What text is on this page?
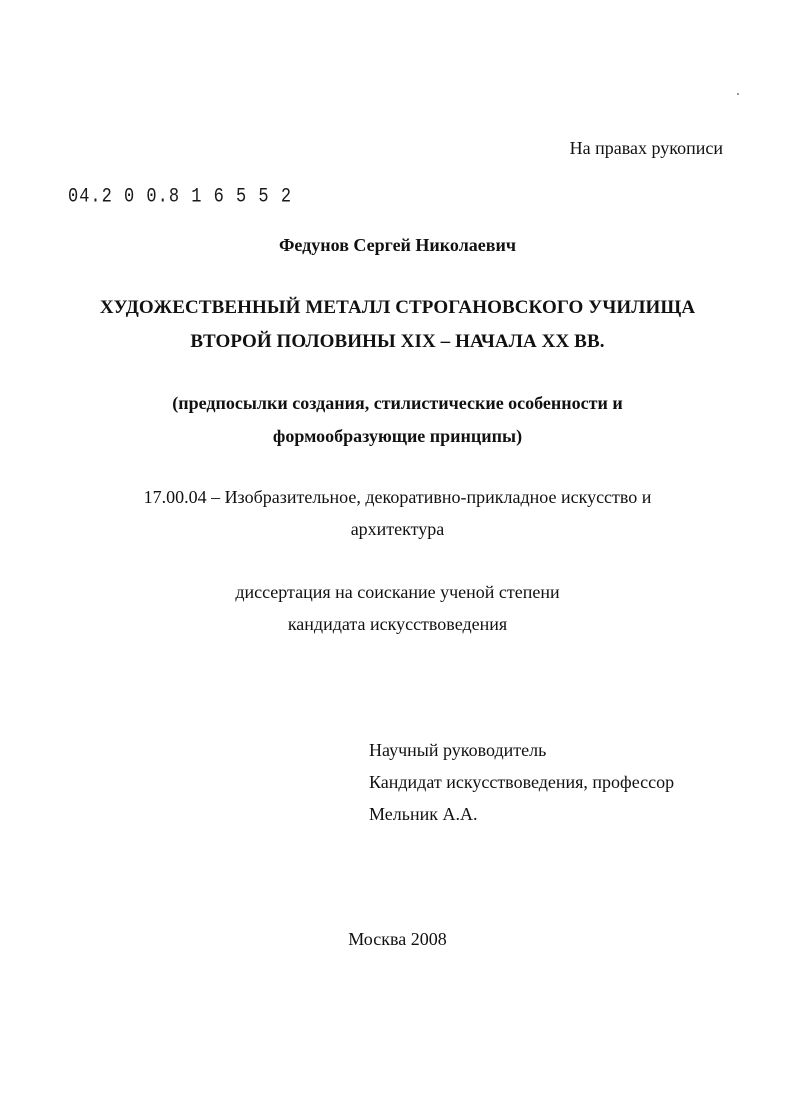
На правах рукописи
04.2 0 0.8 1 6 5 5 2
Федунов Сергей Николаевич
ХУДОЖЕСТВЕННЫЙ МЕТАЛЛ СТРОГАНОВСКОГО УЧИЛИЩА
ВТОРОЙ ПОЛОВИНЫ XIX – НАЧАЛА XX ВВ.
(предпосылки создания, стилистические особенности и
формообразующие принципы)
17.00.04 – Изобразительное, декоративно-прикладное искусство и
архитектура
диссертация на соискание ученой степени
кандидата искусствоведения
Научный руководитель
Кандидат искусствоведения, профессор
Мельник А.А.
Москва 2008
